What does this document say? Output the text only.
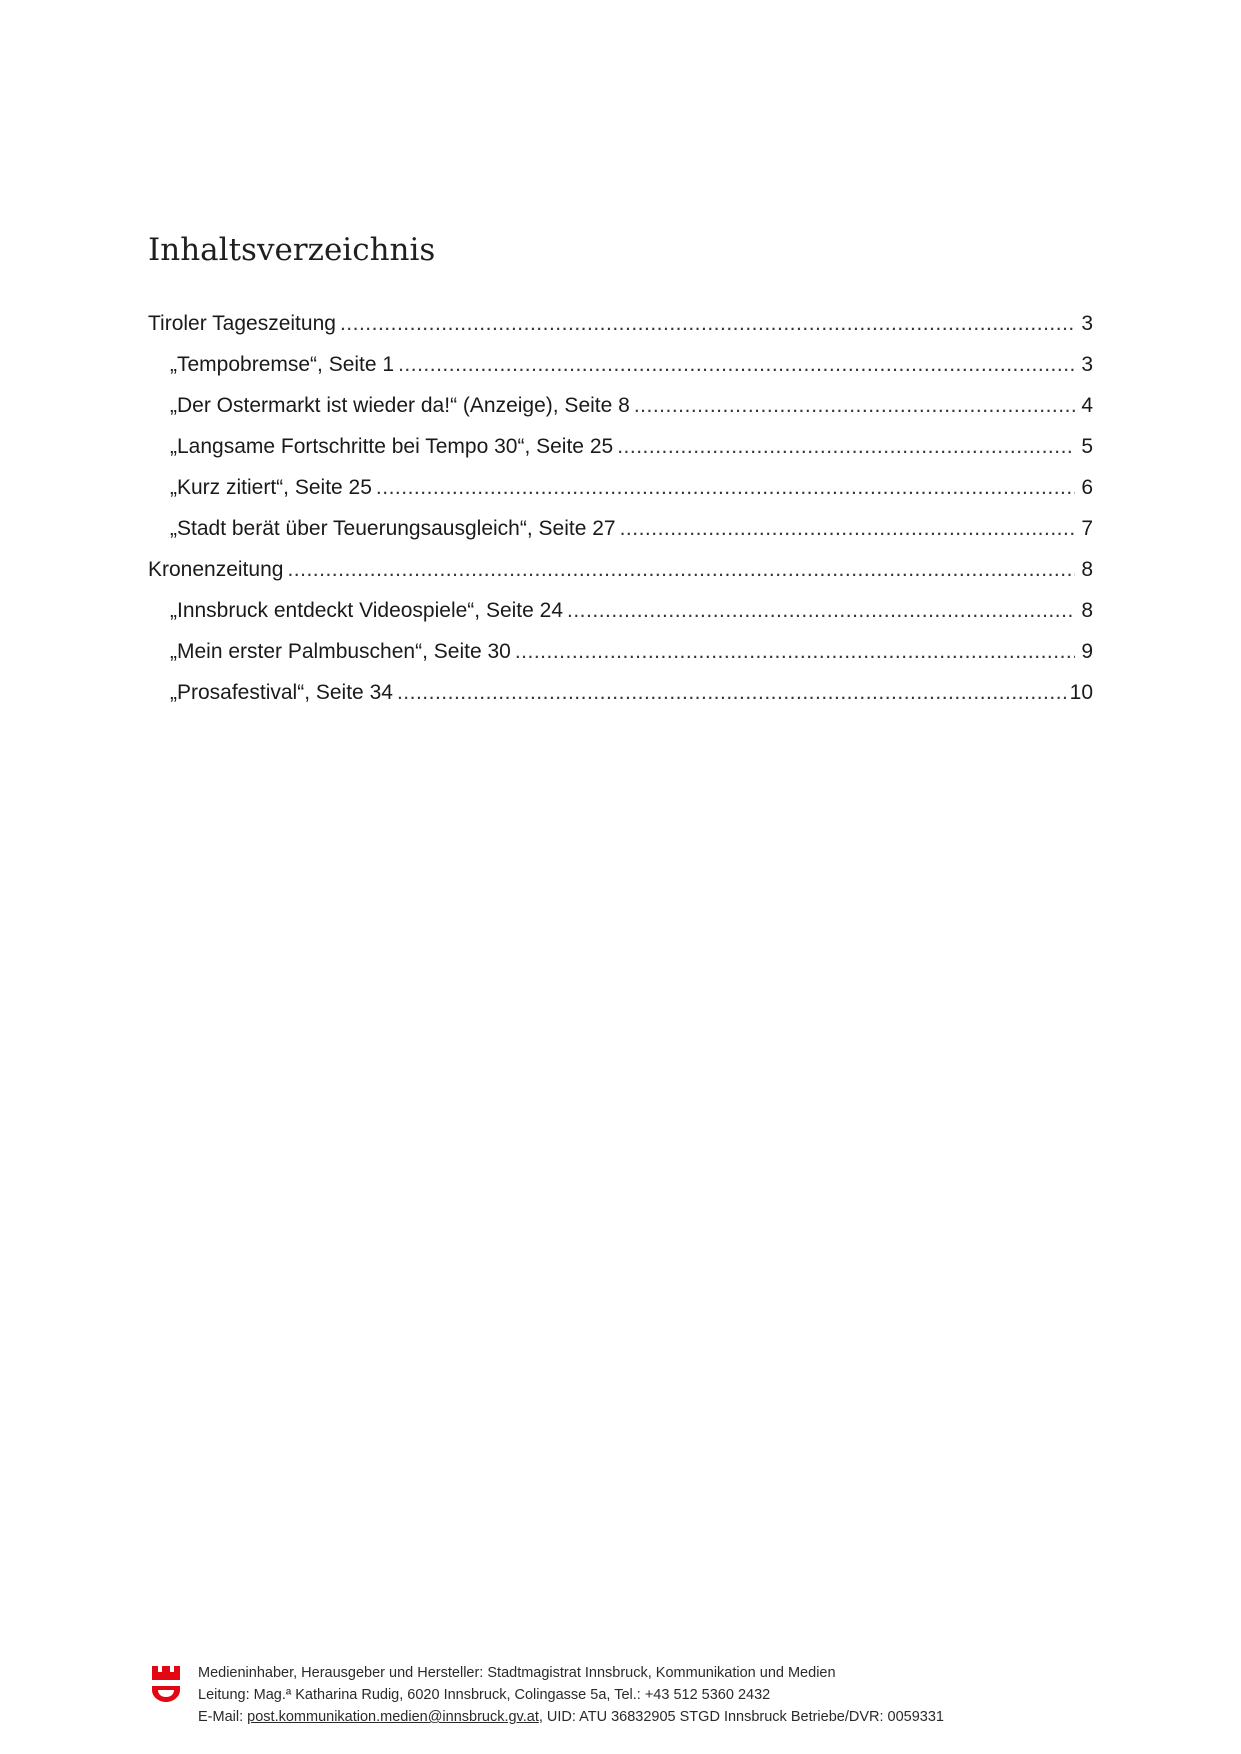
Inhaltsverzeichnis
Tiroler Tageszeitung .....	3
„Tempobremse“, Seite 1 .....	3
„Der Ostermarkt ist wieder da!“ (Anzeige), Seite 8 .....	4
„Langsame Fortschritte bei Tempo 30“, Seite 25 .....	5
„Kurz zitiert“, Seite 25 .....	6
„Stadt berät über Teuerungsausgleich“, Seite 27 .....	7
Kronenzeitung .....	8
„Innsbruck entdeckt Videospiele“, Seite 24 .....	8
„Mein erster Palmbuschen“, Seite 30 .....	9
„Prosafestival“, Seite 34 .....	10
Medieninhaber, Herausgeber und Hersteller: Stadtmagistrat Innsbruck, Kommunikation und Medien
Leitung: Mag.ª Katharina Rudig, 6020 Innsbruck, Colingasse 5a, Tel.: +43 512 5360 2432
E-Mail: post.kommunikation.medien@innsbruck.gv.at, UID: ATU 36832905 STGD Innsbruck Betriebe/DVR: 0059331
